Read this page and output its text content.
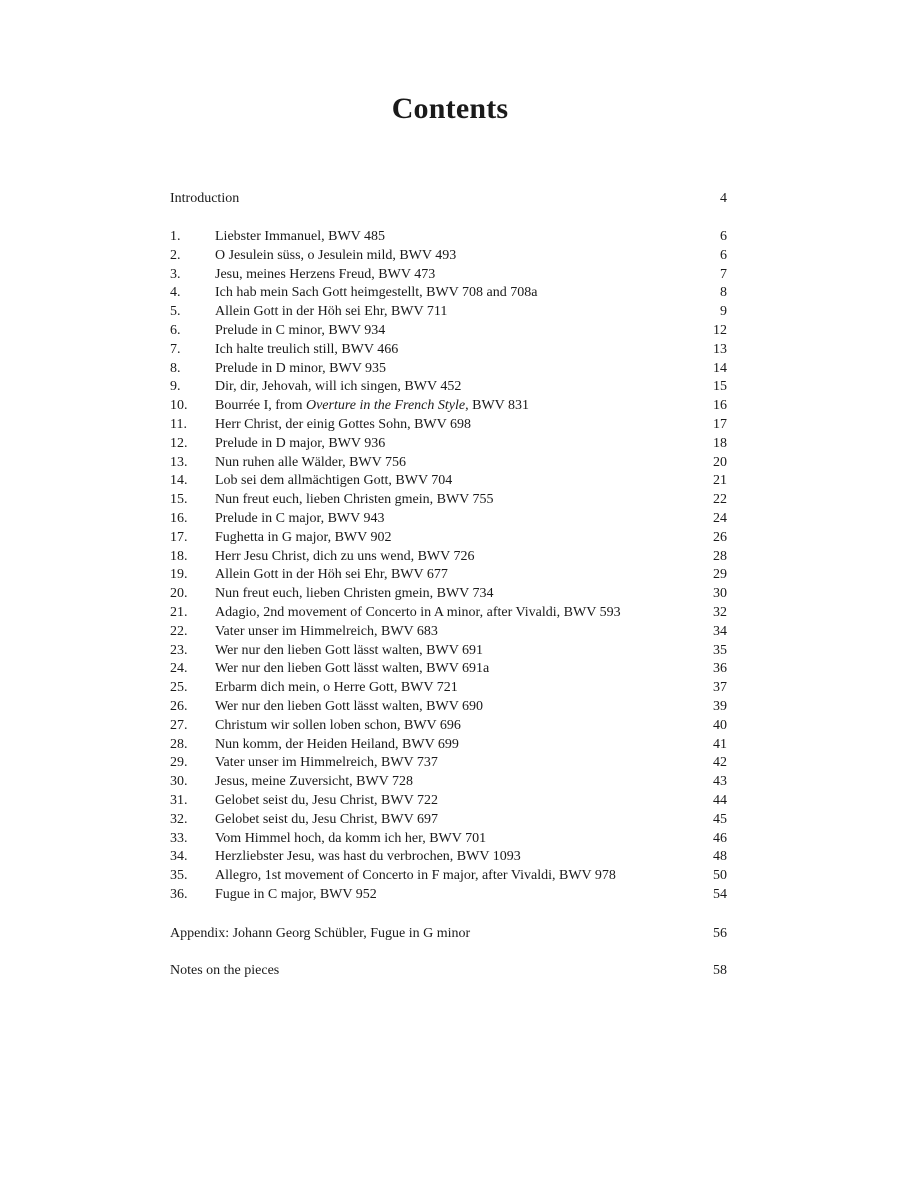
Contents
Introduction	4
1. Liebster Immanuel, BWV 485	6
2. O Jesulein süss, o Jesulein mild, BWV 493	6
3. Jesu, meines Herzens Freud, BWV 473	7
4. Ich hab mein Sach Gott heimgestellt, BWV 708 and 708a	8
5. Allein Gott in der Höh sei Ehr, BWV 711	9
6. Prelude in C minor, BWV 934	12
7. Ich halte treulich still, BWV 466	13
8. Prelude in D minor, BWV 935	14
9. Dir, dir, Jehovah, will ich singen, BWV 452	15
10. Bourrée I, from Overture in the French Style, BWV 831	16
11. Herr Christ, der einig Gottes Sohn, BWV 698	17
12. Prelude in D major, BWV 936	18
13. Nun ruhen alle Wälder, BWV 756	20
14. Lob sei dem allmächtigen Gott, BWV 704	21
15. Nun freut euch, lieben Christen gmein, BWV 755	22
16. Prelude in C major, BWV 943	24
17. Fughetta in G major, BWV 902	26
18. Herr Jesu Christ, dich zu uns wend, BWV 726	28
19. Allein Gott in der Höh sei Ehr, BWV 677	29
20. Nun freut euch, lieben Christen gmein, BWV 734	30
21. Adagio, 2nd movement of Concerto in A minor, after Vivaldi, BWV 593	32
22. Vater unser im Himmelreich, BWV 683	34
23. Wer nur den lieben Gott lässt walten, BWV 691	35
24. Wer nur den lieben Gott lässt walten, BWV 691a	36
25. Erbarm dich mein, o Herre Gott, BWV 721	37
26. Wer nur den lieben Gott lässt walten, BWV 690	39
27. Christum wir sollen loben schon, BWV 696	40
28. Nun komm, der Heiden Heiland, BWV 699	41
29. Vater unser im Himmelreich, BWV 737	42
30. Jesus, meine Zuversicht, BWV 728	43
31. Gelobet seist du, Jesu Christ, BWV 722	44
32. Gelobet seist du, Jesu Christ, BWV 697	45
33. Vom Himmel hoch, da komm ich her, BWV 701	46
34. Herzliebster Jesu, was hast du verbrochen, BWV 1093	48
35. Allegro, 1st movement of Concerto in F major, after Vivaldi, BWV 978	50
36. Fugue in C major, BWV 952	54
Appendix: Johann Georg Schübler, Fugue in G minor	56
Notes on the pieces	58
